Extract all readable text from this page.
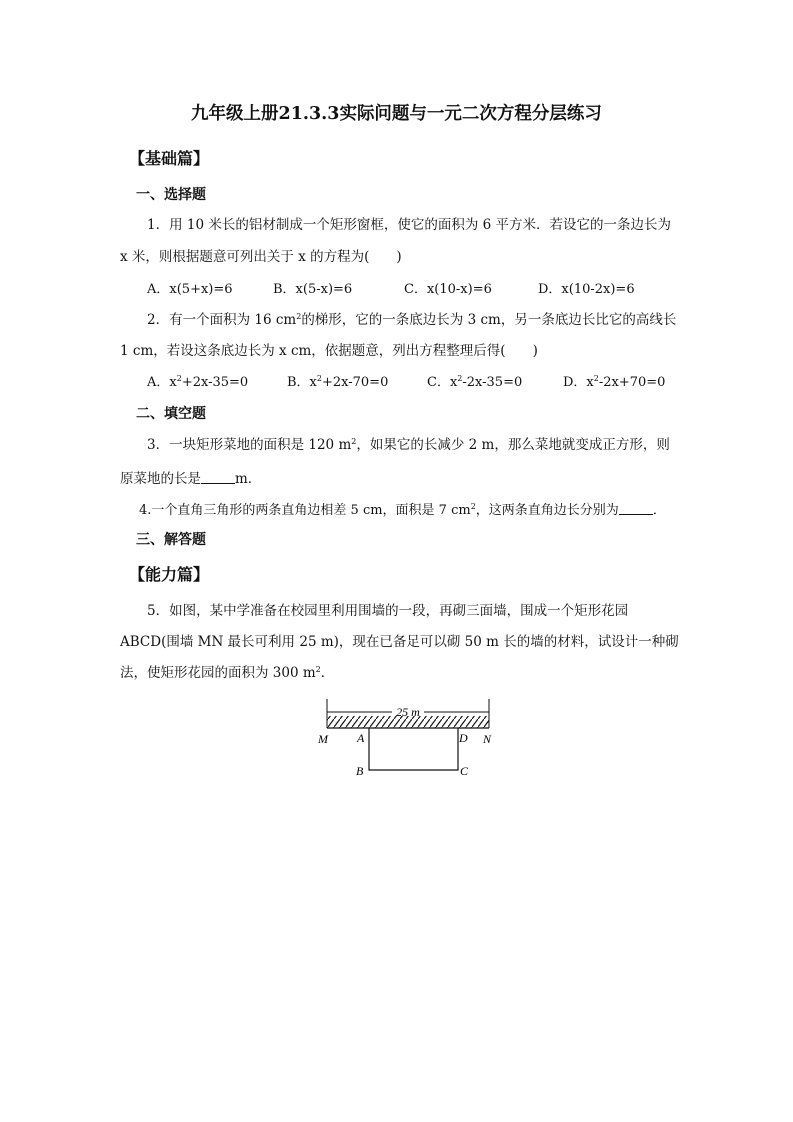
九年级上册21.3.3实际问题与一元二次方程分层练习
【基础篇】
一、选择题
1．用 10 米长的铝材制成一个矩形窗框，使它的面积为 6 平方米．若设它的一条边长为
x 米，则根据题意可列出关于 x 的方程为(　　)
A．x(5+x)=6	B．x(5-x)=6	C．x(10-x)=6	D．x(10-2x)=6
2．有一个面积为 16 $cm^2$的梯形，它的一条底边长为 3 cm，另一条底边长比它的高线长
1 cm，若设这条底边长为 x cm，依据题意，列出方程整理后得(　　)
A．$x^2+2x-35=0$	B．$x^2+2x-70=0$	C．$x^2-2x-35=0$	D．$x^2-2x+70=0$
二、填空题
3．一块矩形菜地的面积是 120 $m^2$，如果它的长减少 2 m，那么菜地就变成正方形，则
原菜地的长是	m．
4.一个直角三角形的两条直角边相差 5 cm，面积是 7 $cm^2$，这两条直角边长分别为	．
三、解答题
【能力篇】
5．如图，某中学准备在校园里利用围墙的一段，再砌三面墙，围成一个矩形花园
ABCD(围墙 MN 最长可利用 25 m)，现在已备足可以砌 50 m 长的墙的材料，试设计一种砌
法，使矩形花园的面积为 300 $m^2$．
25 m
M A	D N
B	C
